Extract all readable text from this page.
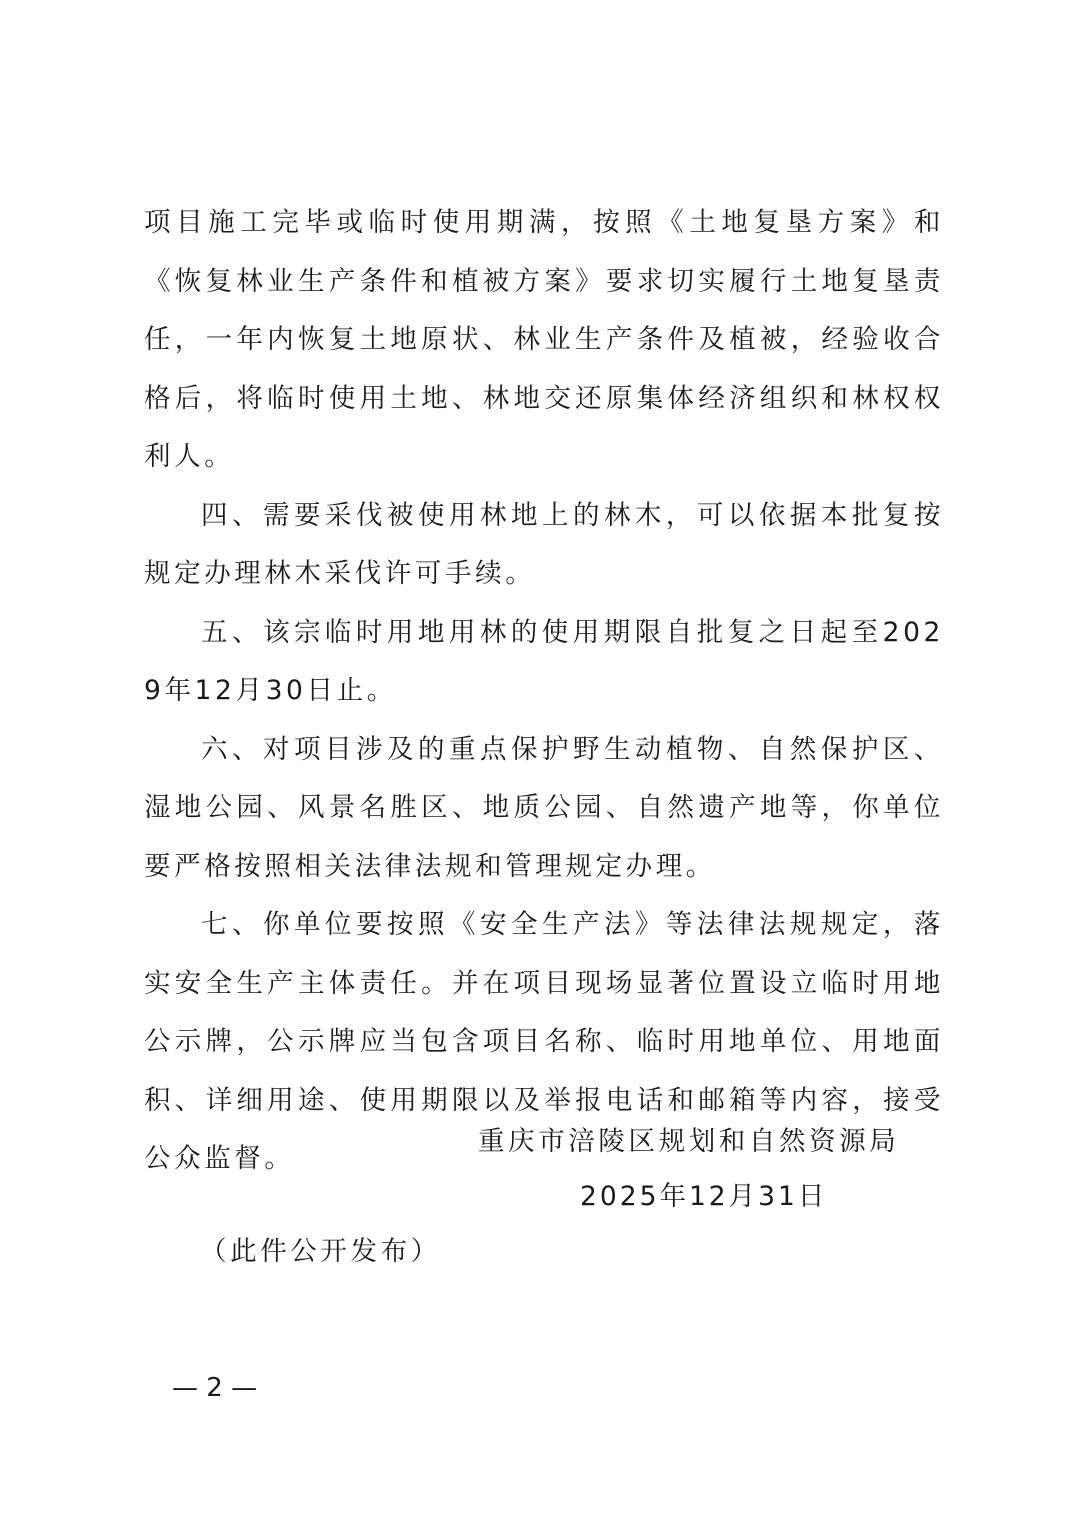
项目施工完毕或临时使用期满，按照《土地复垦方案》和《恢复林业生产条件和植被方案》要求切实履行土地复垦责任，一年内恢复土地原状、林业生产条件及植被，经验收合格后，将临时使用土地、林地交还原集体经济组织和林权权利人。

四、需要采伐被使用林地上的林木，可以依据本批复按规定办理林木采伐许可手续。

五、该宗临时用地用林的使用期限自批复之日起至2029年12月30日止。

六、对项目涉及的重点保护野生动植物、自然保护区、湿地公园、风景名胜区、地质公园、自然遗产地等，你单位要严格按照相关法律法规和管理规定办理。

七、你单位要按照《安全生产法》等法律法规规定，落实安全生产主体责任。并在项目现场显著位置设立临时用地公示牌，公示牌应当包含项目名称、临时用地单位、用地面积、详细用途、使用期限以及举报电话和邮箱等内容，接受公众监督。

重庆市涪陵区规划和自然资源局
2025年12月31日
（此件公开发布）
— 2 —
